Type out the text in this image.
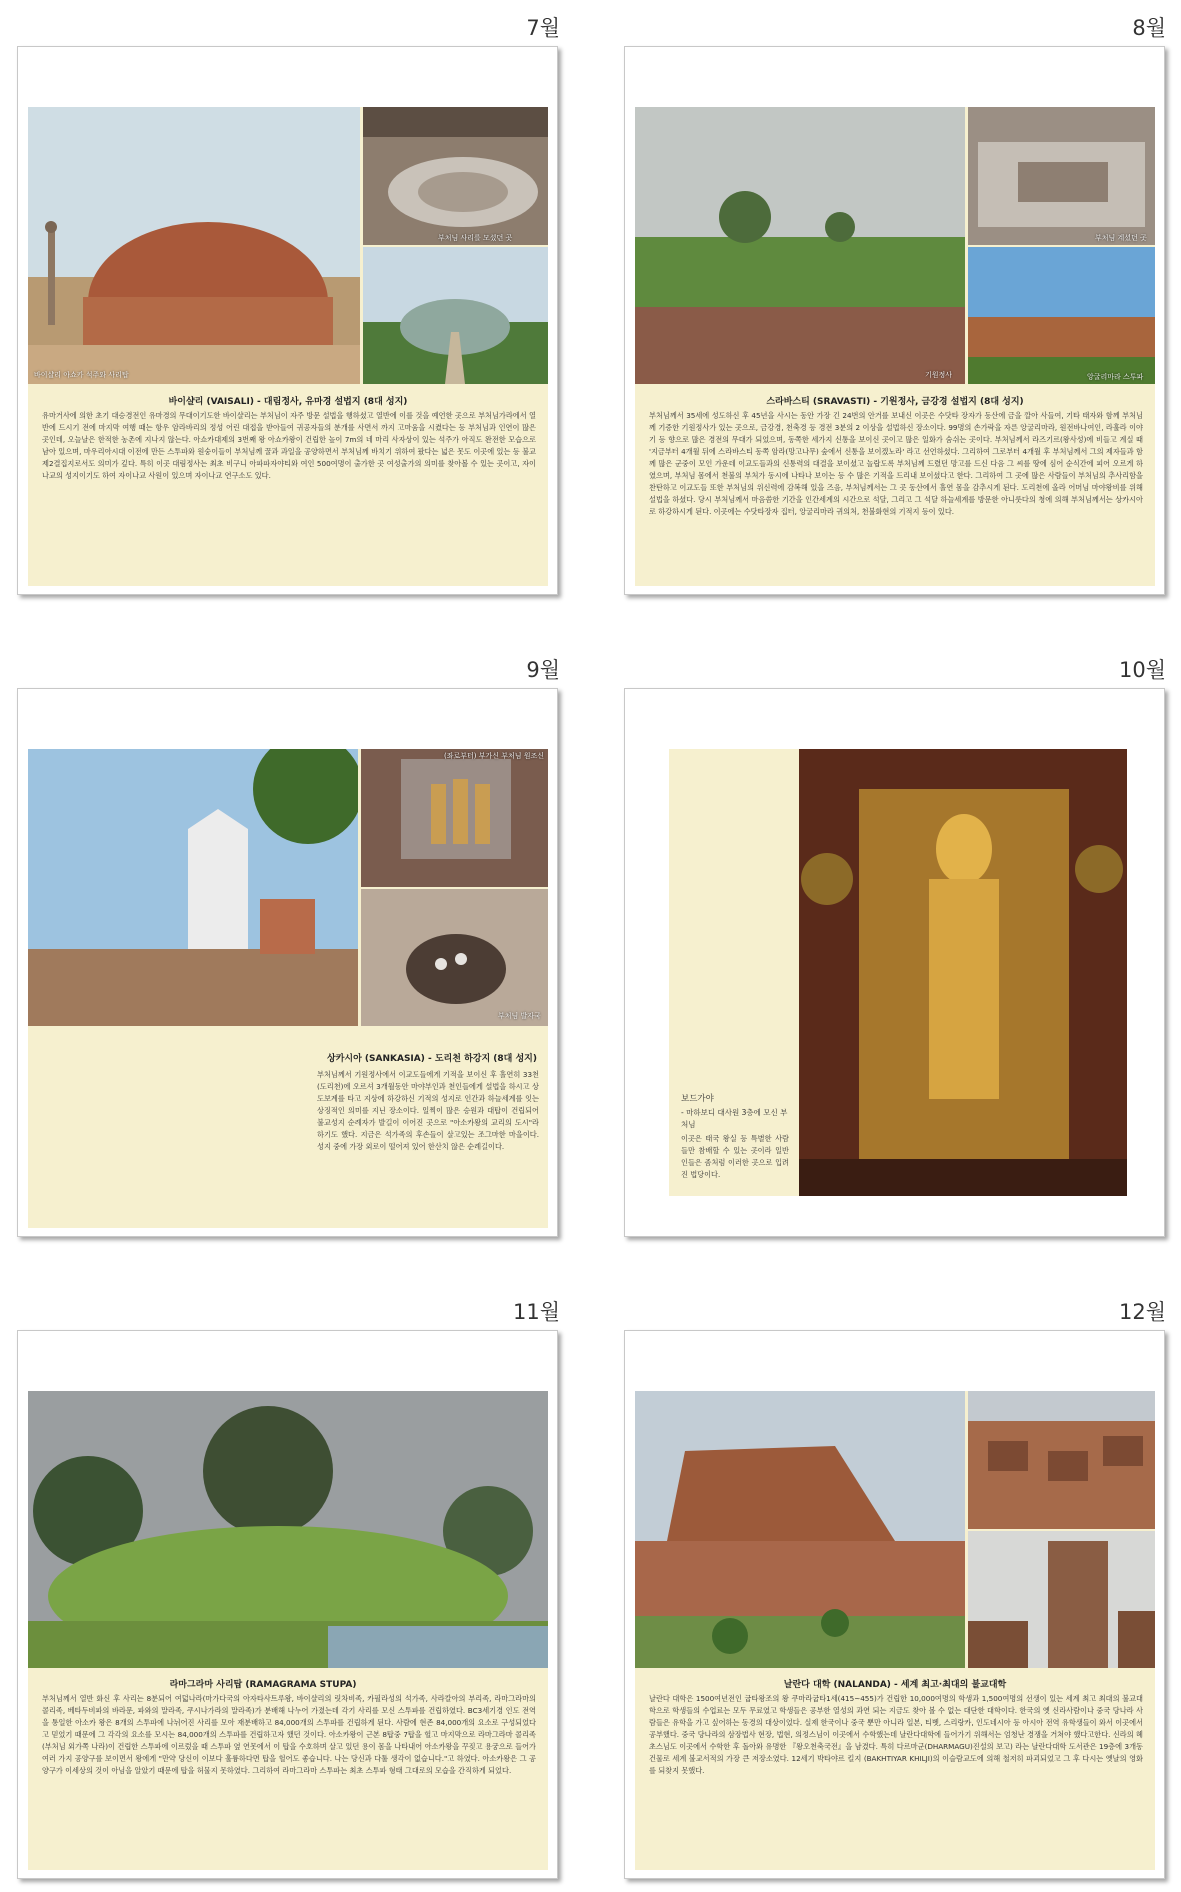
7월
바이샬리 아쇼카 석주와 사리탑
부처님 사리를 모셨던 곳
바이샬리 (VAISALI) - 대림정사, 유마경 설법지 (8대 성지)
유마거사에 의한 초기 대승경전인 유마경의 무대이기도한 바이샬리는 부처님이 자주 방문 설법을 행하셨고 열반에 이를 것을 예언한 곳으로 부처님가라에서 열반에 드시기 전에 마지막 여행 때는 항우 암라바리의 정성 어린 대접을 받아들여 귀공자들의 분개를 사면서 까지 고마움을 시켰다는 등 부처님과 인연이 많은 곳인데, 오늘날은 한적한 농촌에 지나지 않는다. 아쇼카대제의 3번째 왕 아쇼카왕이 건립한 높이 7m의 네 마리 사자상이 있는 석주가 아직도 완전한 모습으로 남아 있으며, 마우리아시대 이전에 만든 스투파와 원숭이들이 부처님께 꿀과 과일을 공양하면서 부처님께 바치기 위하여 팠다는 넓은 못도 이곳에 있는 등 불교 제2결집지로서도 의미가 깊다. 특히 이곳 대림정사는 최초 비구니 아파파자야티와 여인 500여명이 출가한 곳 여성출가의 의미를 찾아볼 수 있는 곳이고, 자이나교의 성지이기도 하여 자이나교 사원이 있으며 자이나교 연구소도 있다.
8월
기원정사
부처님 계셨던 곳
앙굴리마라 스투파
스라바스티 (SRAVASTI) - 기원정사, 금강경 설법지 (8대 성지)
부처님께서 35세에 성도하신 후 45년을 사시는 동안 가장 긴 24번의 안거를 보내신 이곳은 수닷타 장자가 동산에 금을 깔아 사들여, 기타 태자와 함께 부처님께 기증한 기원정사가 있는 곳으로, 금강경, 천축경 등 경전 3분의 2 이상을 설법하신 장소이다. 99명의 손가락을 자른 앙굴리마라, 원전바나여인, 라훌라 이야기 등 향으로 많은 경전의 무대가 되었으며, 동쪽한 세가지 신통을 보이신 곳이고 많은 일화가 숨쉬는 곳이다. 부처님께서 라즈기르(왕사성)에 비들고 계실 때 '지금부터 4개월 뒤에 스라바스티 동쪽 암라(망고나무) 숲에서 신통을 보이겠노라' 라고 선언하셨다. 그리하여 그로부터 4개월 후 부처님께서 그의 제자들과 함께 많은 군중이 모인 가운데 이교도들과의 신통력의 대결을 보이셨고 놀랍도록 부처님께 드렸던 망고를 드신 다음 그 씨를 땅에 심어 순식간에 피어 오르게 하였으며, 부처님 몸에서 천불의 부처가 동시에 나타나 보이는 등 수 많은 기적을 드리내 보이셨다고 한다. 그리하여 그 곳에 많은 사람들이 부처님의 추사리함을 찬탄하고 이교도들 또한 부처님의 위신력에 감복해 있을 즈음, 부처님께서는 그 곳 동산에서 홀연 몸을 감추시게 된다. 도리천에 올라 어머님 마야왕비를 위해 설법을 하셨다. 당시 부처님께서 마음씀한 기간을 인간세계의 시간으로 석달, 그리고 그 석달 하늘세계를 방문한 아니룻다의 청에 의해 부처님께서는 상카시아로 하강하시게 된다. 이곳에는 수닷타장자 집터, 앙굴리마라 귀의처, 천불화현의 기적지 등이 있다.
9월
(좌로부터) 부가신 부처님 원조신
부처님 발자국
상카시아 (SANKASIA) - 도리천 하강지 (8대 성지)
부처님께서 기원정사에서 이교도들에게 기적을 보이신 후 홀연히 33천(도리천)에 오르셔 3개월동안 마야부인과 천인들에게 설법을 하시고 상도보계를 타고 지상에 하강하신 기적의 성지로 인간과 하늘세계를 잇는 상징적인 의미를 지닌 장소이다. 일찍이 많은 승원과 대탑이 건립되어 불교성지 순례자가 발길이 이어진 곳으로 "아소카왕의 교리의 도시"라 하기도 했다. 지금은 석가족의 후손들이 살고있는 조그마한 마을이다. 성지 중에 가장 외로이 떨어져 있어 한산치 않은 순례길이다.
10월
보드가야
- 마하보디 대사원 3층에 모신 부처님
이곳은 태국 왕실 등 특별한 사람들만 참배할 수 있는 곳이라 일반인들은 좀처럼 이러한 곳으로 입려진 법당이다.
11월
라마그라마 사리탑 (RAMAGRAMA STUPA)
부처님께서 열반 화신 후 사리는 8분되어 여덟나라(마가다국의 아자타사트루왕, 바이샬리의 릿차비족, 카필라성의 석가족, 사라칼아의 부리족, 라마그라마의 콜리족, 베타두비파의 바라문, 파와의 말라족, 쿠시나가라의 말라족)가 분배해 나누어 가졌는데 각기 사리를 모신 스투파를 건립하였다. BC3세기경 인도 전역을 통일한 아소카 왕은 8개의 스투파에 나뉘어진 사리를 모아 재분배하고 84,000개의 스투파를 건립하게 된다. 사람에 현존 84,000개의 요소로 구성되었다고 믿었기 때문에 그 각각의 요소를 모시는 84,000개의 스투파를 건립하고자 했던 것이다. 아소카왕이 근본 8탑중 7탑을 헐고 마지막으로 라마그라마 콜리족(부처님 외가쪽 나라)이 건립한 스투파에 이르렀을 때 스투파 옆 연못에서 이 탑을 수호하며 살고 있던 용이 몸을 나타내어 아소카왕을 꾸짖고 용궁으로 들어가 여러 가지 공양구를 보이면서 왕에게 "만약 당신이 이보다 훌륭하다면 탑을 헐어도 좋습니다. 나는 당신과 다툴 생각이 없습니다."고 하였다. 아소카왕은 그 공양구가 이세상의 것이 아님을 알았기 때문에 탑을 허물지 못하였다. 그리하여 라마그라마 스투파는 최초 스투파 형태 그대로의 모습을 간직하게 되었다.
12월
날란다 대학 (NALANDA) - 세계 최고·최대의 불교대학
날란다 대학은 1500여년전인 굽타왕조의 왕 쿠마라굽타1세(415~455)가 건립한 10,000여명의 학생과 1,500여명의 선생이 있는 세계 최고 최대의 불교대학으로 학생들의 수업료는 모두 무료였고 학생들은 공부한 열성의 과연 되는 지금도 찾아 볼 수 없는 대단한 대학이다. 한국의 옛 신라사람이나 중국 당나라 사람들은 유학을 가고 싶어하는 동경의 대상이었다. 실제 한국이나 중국 뿐만 아니라 일본, 티벳, 스리랑카, 인도네시아 등 아시아 전역 유학생들이 와서 이곳에서 공부했다. 중국 당나라의 삼장법사 현장, 법현, 의정스님이 이곳에서 수학했는데 날란다대학에 들어가기 위해서는 엄청난 경쟁을 거쳐야 했다고한다. 신라의 혜초스님도 이곳에서 수학한 후 돌아와 유명한 『왕오천축국전』을 남겼다. 특히 다르마군(DHARMAGU)진설의 보고) 라는 날란다대학 도서관은 19층에 3개동 건물로 세계 불교서적의 가장 큰 저장소였다. 12세기 박타야르 킬지 (BAKHTIYAR KHILJI)의 이슬람교도에 의해 철저히 파괴되었고 그 후 다시는 옛날의 영화를 되찾지 못했다.
